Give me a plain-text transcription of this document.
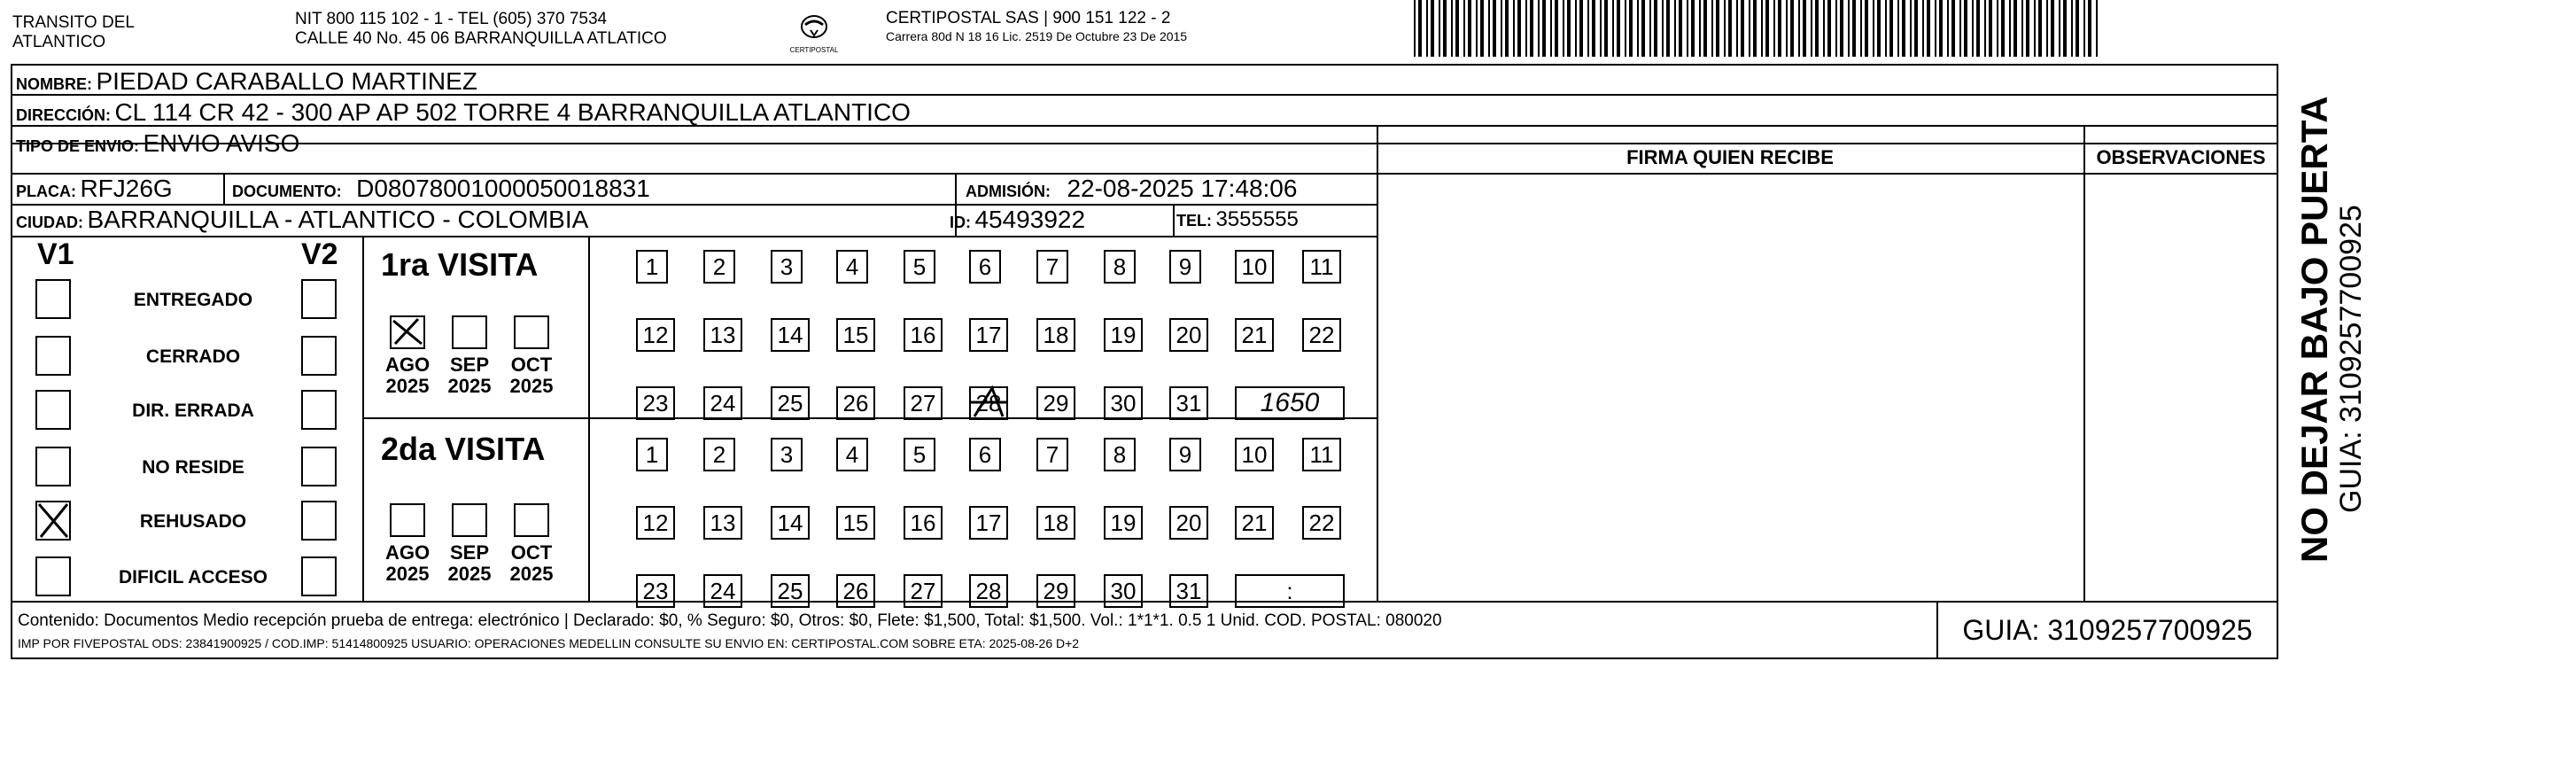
TRANSITO DEL
ATLANTICO
NIT 800 115 102 - 1 - TEL (605) 370 7534
CALLE 40 No. 45 06 BARRANQUILLA ATLATICO
CERTIPOSTAL
CERTIPOSTAL SAS | 900 151 122 - 2
Carrera 80d N 18 16 Lic. 2519 De Octubre 23 De 2015
NOMBRE: PIEDAD CARABALLO MARTINEZ
DIRECCIÓN: CL 114 CR 42 - 300 AP AP 502 TORRE 4 BARRANQUILLA ATLANTICO
TIPO DE ENVIO: ENVIO AVISO
FIRMA QUIEN RECIBE	OBSERVACIONES
PLACA: RFJ26G	DOCUMENTO: D08078001000050018831	ADMISIÓN: 22-08-2025 17:48:06
CIUDAD: BARRANQUILLA - ATLANTICO - COLOMBIA	ID: 45493922	TEL: 3555555
V1	V2
ENTREGADO
CERRADO
DIR. ERRADA
NO RESIDE
REHUSADO
DIFICIL ACCESO
1ra VISITA
2da VISITA
AGO
2025
SEP
2025
OCT
2025
1	2	3	4	5	6	7	8	9	10	11
12 13 14 15 16 17 18 19 20 21 22
23 24 25 26 27 28 29 30 31	1650
AGO
2025
SEP
2025
OCT
2025
1	2	3	4	5	6	7	8	9	10	11
12 13 14 15 16 17 18 19 20 21 22
23 24 25 26 27 28 29 30 31	:
Contenido: Documentos Medio recepción prueba de entrega: electrónico | Declarado: $0, % Seguro: $0, Otros: $0, Flete: $1,500, Total: $1,500. Vol.: 1*1*1. 0.5 1 Unid. COD. POSTAL: 080020
IMP POR FIVEPOSTAL ODS: 23841900925 / COD.IMP: 51414800925 USUARIO: OPERACIONES MEDELLIN CONSULTE SU ENVIO EN: CERTIPOSTAL.COM SOBRE ETA: 2025-08-26 D+2	GUIA: 3109257700925
NO DEJAR BAJO PUERTA GUIA: 3109257700925
